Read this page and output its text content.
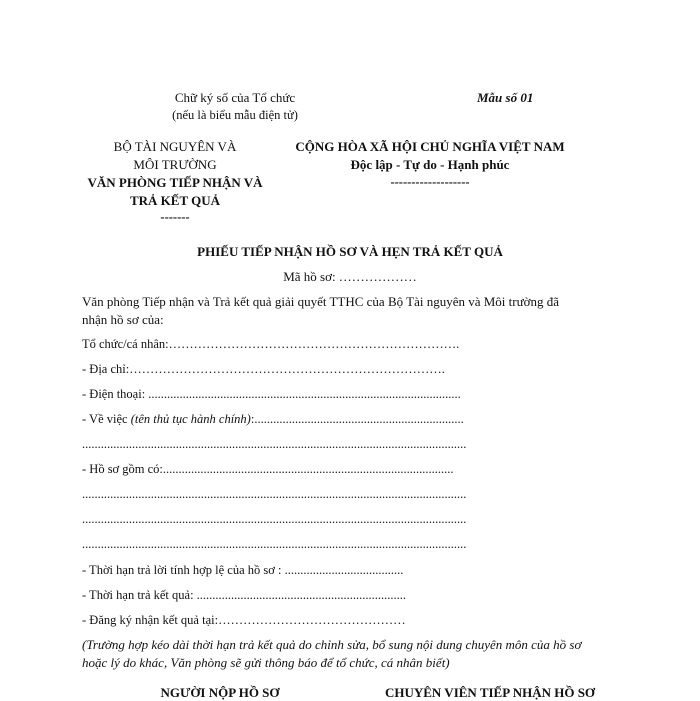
Chữ ký số của Tổ chức
(nếu là biểu mẫu điện tử)
Mẫu số 01
BỘ TÀI NGUYÊN VÀ
MÔI TRƯỜNG
VĂN PHÒNG TIẾP NHẬN VÀ
TRẢ KẾT QUẢ
-------
CỘNG HÒA XÃ HỘI CHỦ NGHĨA VIỆT NAM
Độc lập - Tự do - Hạnh phúc
-------------------
PHIẾU TIẾP NHẬN HỒ SƠ VÀ HẸN TRẢ KẾT QUẢ
Mã hồ sơ: ………………
Văn phòng Tiếp nhận và Trả kết quả giải quyết TTHC của Bộ Tài nguyên và Môi trường đã
nhận hồ sơ của:
Tổ chức/cá nhân:…………………………………………………………….
- Địa chỉ:………………………………………………………………….
- Điện thoại: ....................................................................................................
- Về việc (tên thủ tục hành chính):...................................................................
...........................................................................................................................
- Hồ sơ gồm có:.............................................................................................
...........................................................................................................................
...........................................................................................................................
...........................................................................................................................
- Thời hạn trả lời tính hợp lệ của hồ sơ : ......................................
- Thời hạn trả kết quả: ...................................................................
- Đăng ký nhận kết quả tại:………………………………………
(Trường hợp kéo dài thời hạn trả kết quả do chỉnh sửa, bổ sung nội dung chuyên môn của hồ sơ
hoặc lý do khác, Văn phòng sẽ gửi thông báo để tổ chức, cá nhân biết)
NGƯỜI NỘP HỒ SƠ	CHUYÊN VIÊN TIẾP NHẬN HỒ SƠ
